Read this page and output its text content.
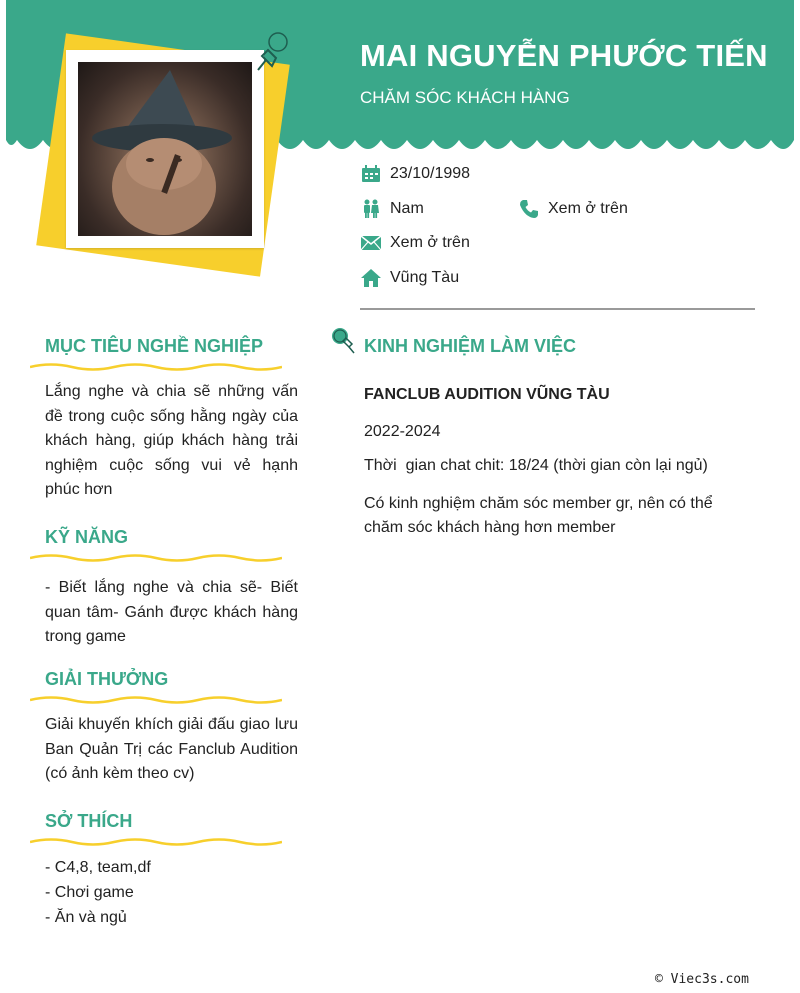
MAI NGUYỄN PHƯỚC TIẾN
CHĂM SÓC KHÁCH HÀNG
23/10/1998
Nam	Xem ở trên
Xem ở trên
Vũng Tàu
MỤC TIÊU NGHỀ NGHIỆP
Lắng nghe và chia sẽ những vấn đề trong cuộc sống hằng ngày của khách hàng, giúp khách hàng trải nghiệm cuộc sống vui vẻ hạnh phúc hơn
KỸ NĂNG
- Biết lắng nghe và chia sẽ- Biết quan tâm- Gánh được khách hàng trong game
GIẢI THƯỞNG
Giải khuyến khích giải đấu giao lưu Ban Quản Trị các Fanclub Audition (có ảnh kèm theo cv)
SỞ THÍCH
- C4,8, team,df
- Chơi game
- Ăn và ngủ
KINH NGHIỆM LÀM VIỆC
FANCLUB AUDITION VŨNG TÀU
2022-2024
Thời  gian chat chit: 18/24 (thời gian còn lại ngủ)
Có kinh nghiệm chăm sóc member gr, nên có thể chăm sóc khách hàng hơn member
© Viec3s.com
